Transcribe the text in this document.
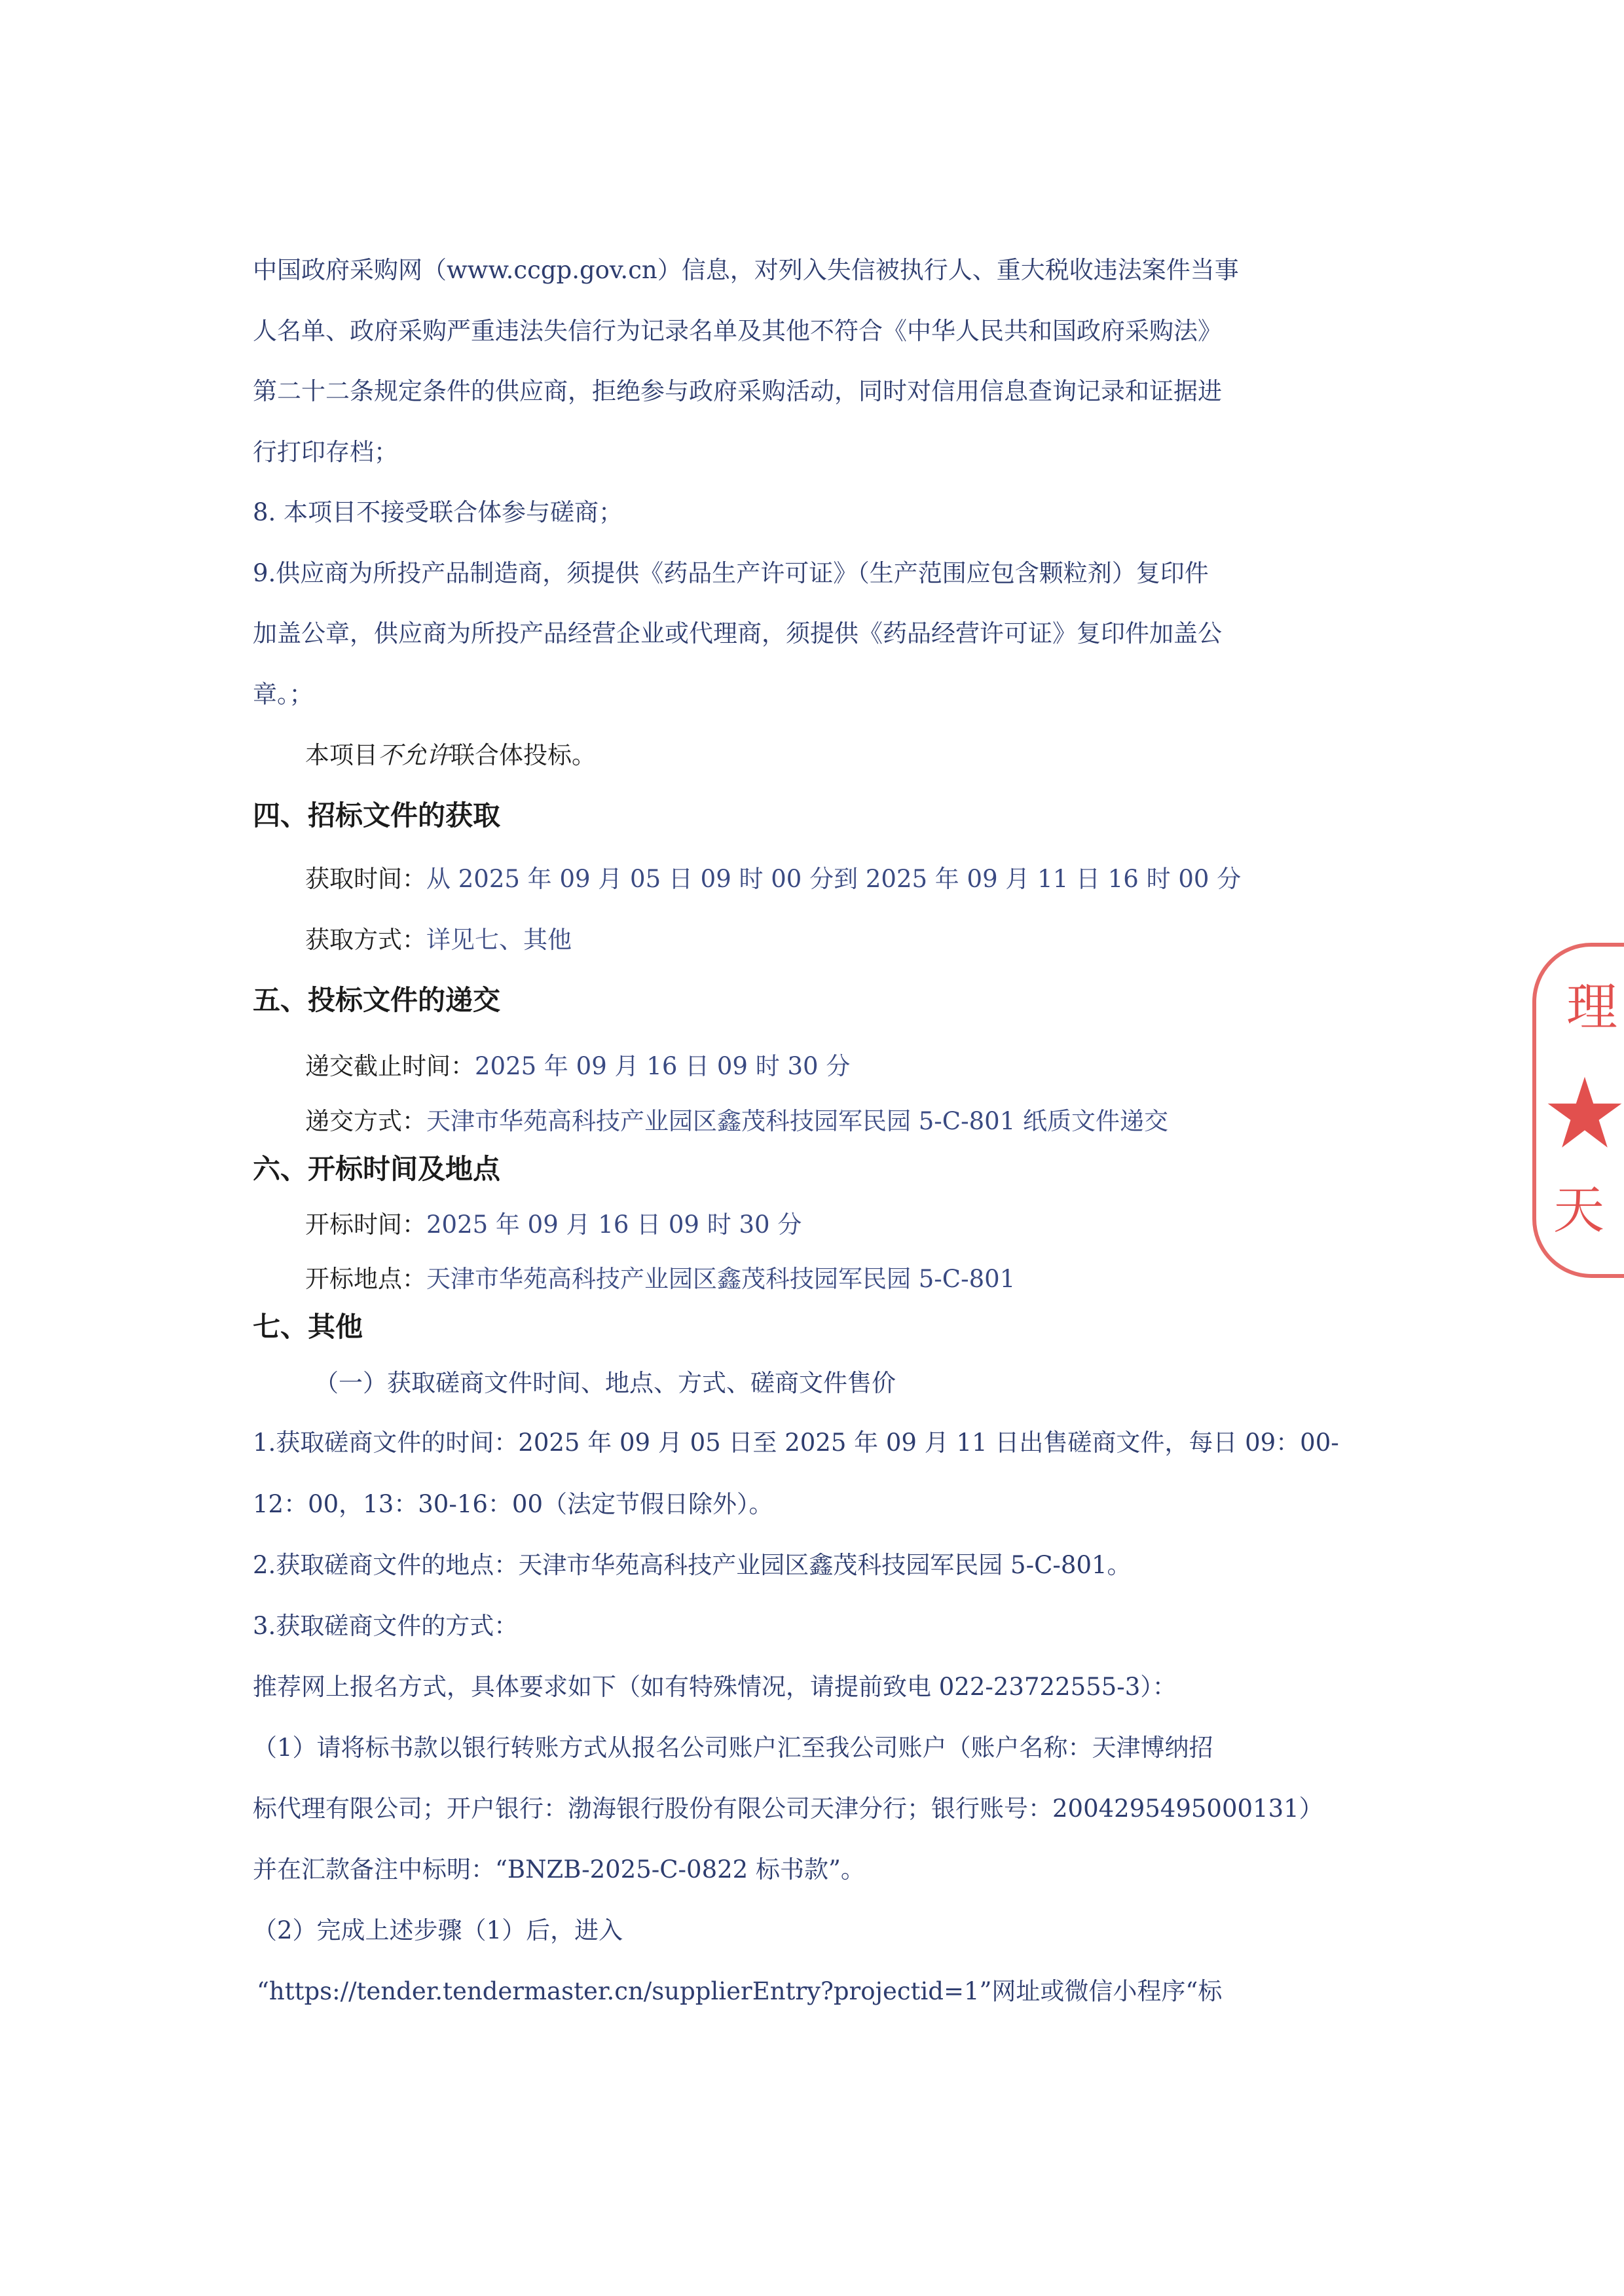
中国政府采购网（www.ccgp.gov.cn）信息，对列入失信被执行人、重大税收违法案件当事
人名单、政府采购严重违法失信行为记录名单及其他不符合《中华人民共和国政府采购法》
第二十二条规定条件的供应商，拒绝参与政府采购活动，同时对信用信息查询记录和证据进
行打印存档；
8. 本项目不接受联合体参与磋商；
9.供应商为所投产品制造商，须提供《药品生产许可证》（生产范围应包含颗粒剂）复印件
加盖公章，供应商为所投产品经营企业或代理商，须提供《药品经营许可证》复印件加盖公
章。；
本项目不允许联合体投标。
四、招标文件的获取
获取时间：从 2025 年 09 月 05 日 09 时 00 分到 2025 年 09 月 11 日 16 时 00 分
获取方式：详见七、其他
五、投标文件的递交
递交截止时间：2025 年 09 月 16 日 09 时 30 分
递交方式：天津市华苑高科技产业园区鑫茂科技园军民园 5-C-801 纸质文件递交
六、开标时间及地点
开标时间：2025 年 09 月 16 日 09 时 30 分
开标地点：天津市华苑高科技产业园区鑫茂科技园军民园 5-C-801
七、其他
（一）获取磋商文件时间、地点、方式、磋商文件售价
1.获取磋商文件的时间：2025 年 09 月 05 日至 2025 年 09 月 11 日出售磋商文件，每日 09：00-
12：00，13：30-16：00（法定节假日除外）。
2.获取磋商文件的地点：天津市华苑高科技产业园区鑫茂科技园军民园 5-C-801。
3.获取磋商文件的方式：
推荐网上报名方式，具体要求如下（如有特殊情况，请提前致电 022-23722555-3）：
（1）请将标书款以银行转账方式从报名公司账户汇至我公司账户（账户名称：天津博纳招
标代理有限公司；开户银行：渤海银行股份有限公司天津分行；银行账号：2004295495000131）
并在汇款备注中标明：“BNZB-2025-C-0822 标书款”。
（2）完成上述步骤（1）后，进入
“https://tender.tendermaster.cn/supplierEntry?projectid=1”网址或微信小程序“标
理
天
